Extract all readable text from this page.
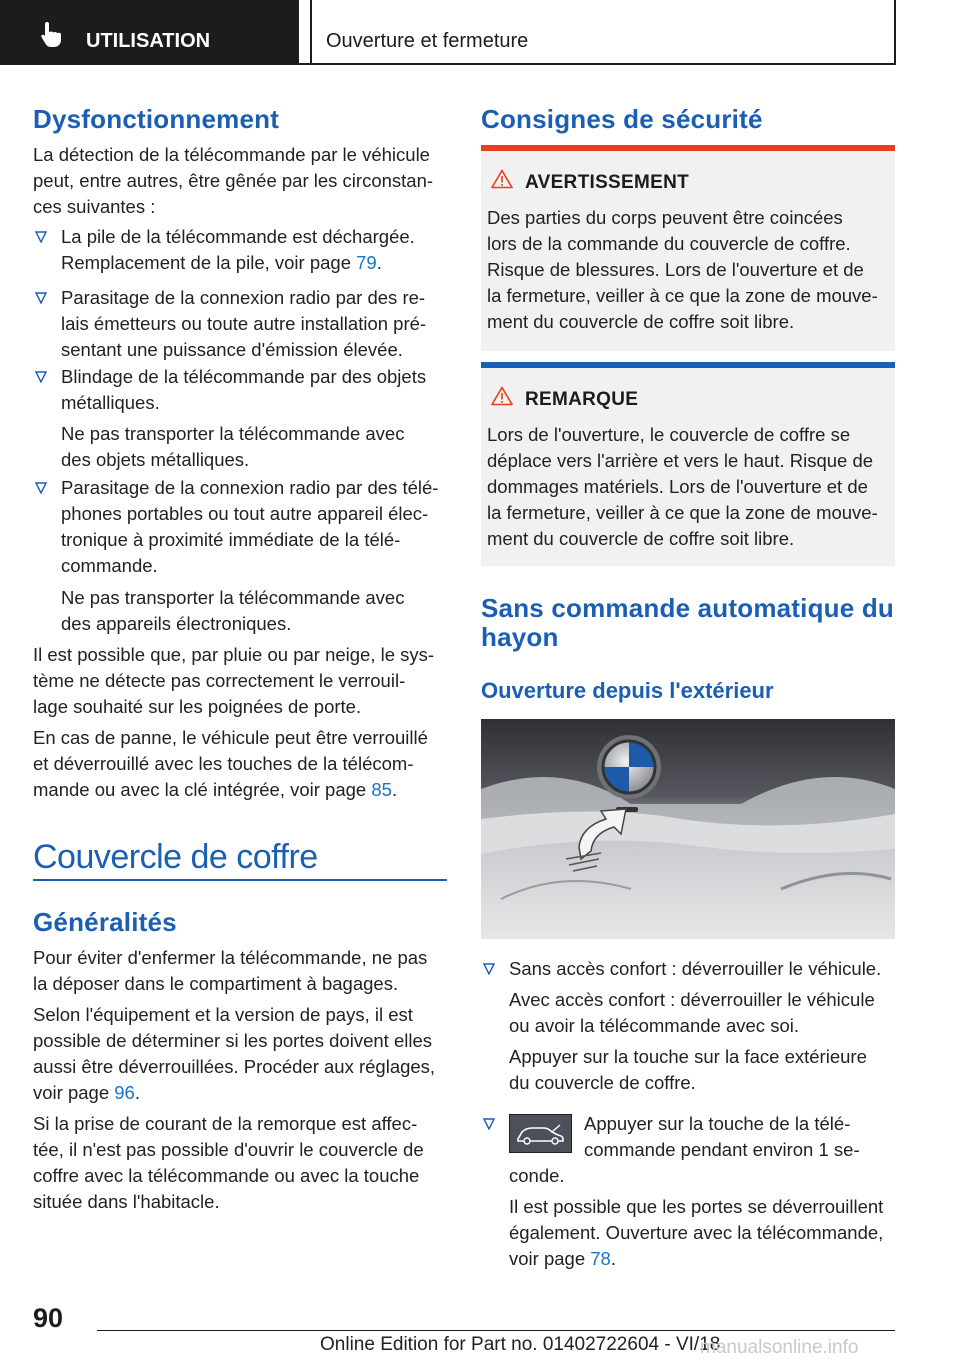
UTILISATION	Ouverture et fermeture
Dysfonctionnement
La détection de la télécommande par le véhicule
peut, entre autres, être gênée par les circonstan-
ces suivantes :
La pile de la télécommande est déchargée.
Remplacement de la pile, voir page 79.
Parasitage de la connexion radio par des re-
lais émetteurs ou toute autre installation pré-
sentant une puissance d'émission élevée.
Blindage de la télécommande par des objets
métalliques.
Ne pas transporter la télécommande avec
des objets métalliques.
Parasitage de la connexion radio par des télé-
phones portables ou tout autre appareil élec-
tronique à proximité immédiate de la télé-
commande.
Ne pas transporter la télécommande avec
des appareils électroniques.
Il est possible que, par pluie ou par neige, le sys-
tème ne détecte pas correctement le verrouil-
lage souhaité sur les poignées de porte.
En cas de panne, le véhicule peut être verrouillé
et déverrouillé avec les touches de la télécom-
mande ou avec la clé intégrée, voir page 85.
Couvercle de coffre
Généralités
Pour éviter d'enfermer la télécommande, ne pas
la déposer dans le compartiment à bagages.
Selon l'équipement et la version de pays, il est
possible de déterminer si les portes doivent elles
aussi être déverrouillées. Procéder aux réglages,
voir page 96.
Si la prise de courant de la remorque est affec-
tée, il n'est pas possible d'ouvrir le couvercle de
coffre avec la télécommande ou avec la touche
située dans l'habitacle.
Consignes de sécurité
AVERTISSEMENT
Des parties du corps peuvent être coincées
lors de la commande du couvercle de coffre.
Risque de blessures. Lors de l'ouverture et de
la fermeture, veiller à ce que la zone de mouve-
ment du couvercle de coffre soit libre.
REMARQUE
Lors de l'ouverture, le couvercle de coffre se
déplace vers l'arrière et vers le haut. Risque de
dommages matériels. Lors de l'ouverture et de
la fermeture, veiller à ce que la zone de mouve-
ment du couvercle de coffre soit libre.
Sans commande automatique du
hayon
Ouverture depuis l'extérieur
Sans accès confort : déverrouiller le véhicule.
Avec accès confort : déverrouiller le véhicule
ou avoir la télécommande avec soi.
Appuyer sur la touche sur la face extérieure
du couvercle de coffre.
Appuyer sur la touche de la télé-
commande pendant environ 1 se-
conde.
Il est possible que les portes se déverrouillent
également. Ouverture avec la télécommande,
voir page 78.
90
Online Edition for Part no. 01402722604 - VI/18
manualsonline.info
